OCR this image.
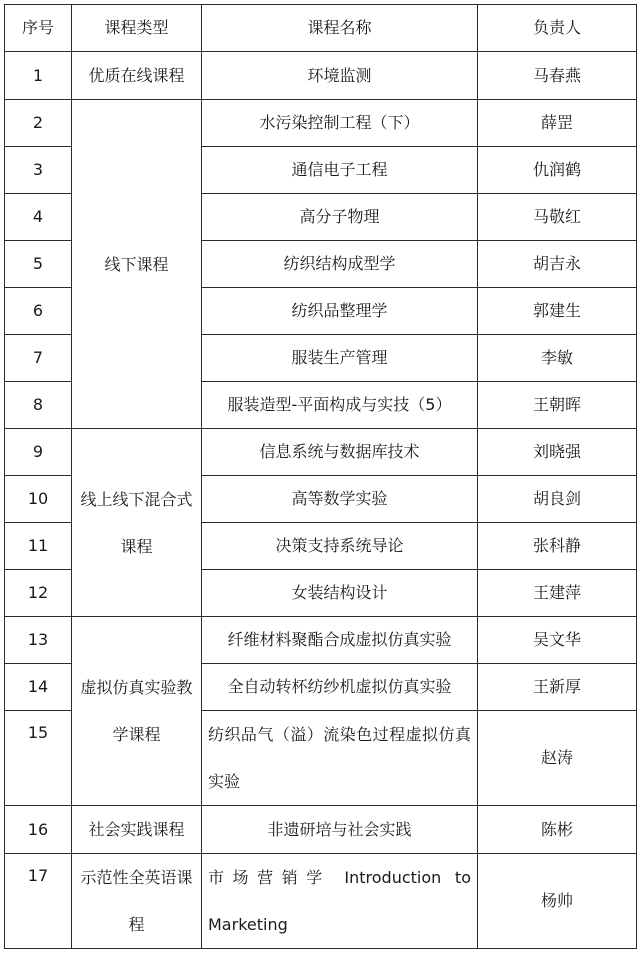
序号	课程类型	课程名称	负责人
1	优质在线课程	环境监测	马春燕
2	线下课程	水污染控制工程（下）	薛罡
3		通信电子工程	仇润鹤
4		高分子物理	马敬红
5		纺织结构成型学	胡吉永
6		纺织品整理学	郭建生
7		服装生产管理	李敏
8		服装造型-平面构成与实技（5）	王朝晖
9	线上线下混合式课程	信息系统与数据库技术	刘晓强
10		高等数学实验	胡良剑
11		决策支持系统导论	张科静
12		女装结构设计	王建萍
13	虚拟仿真实验教学课程	纤维材料聚酯合成虚拟仿真实验	吴文华
14		全自动转杯纺纱机虚拟仿真实验	王新厚
15		纺织品气（溢）流染色过程虚拟仿真实验	赵涛
16	社会实践课程	非遗研培与社会实践	陈彬
17	示范性全英语课程	市场营销学 Introduction to Marketing	杨帅
